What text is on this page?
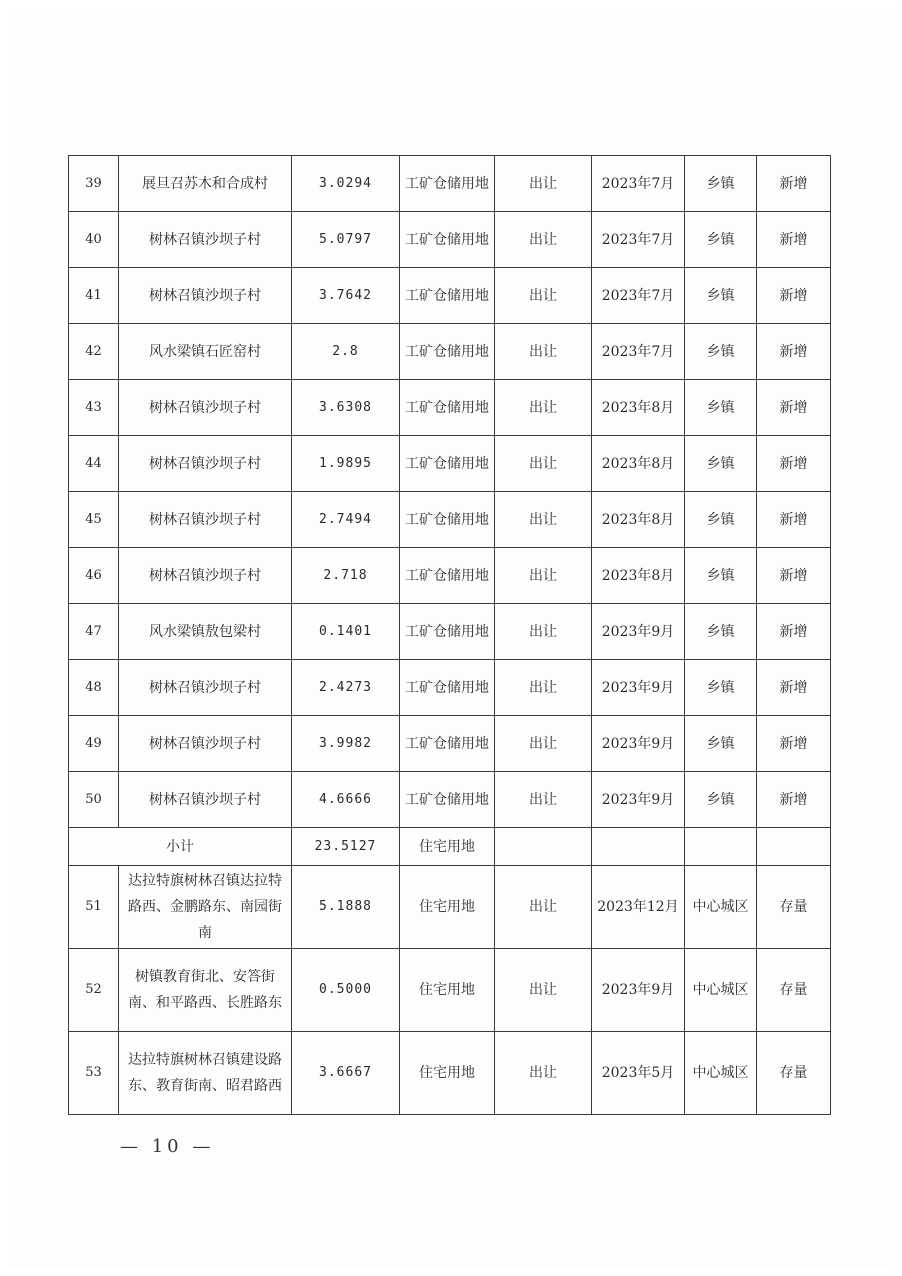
39	展旦召苏木和合成村	3.0294	工矿仓储用地	出让	2023年7月	乡镇	新增
40	树林召镇沙坝子村	5.0797	工矿仓储用地	出让	2023年7月	乡镇	新增
41	树林召镇沙坝子村	3.7642	工矿仓储用地	出让	2023年7月	乡镇	新增
42	风水梁镇石匠窑村	2.8	工矿仓储用地	出让	2023年7月	乡镇	新增
43	树林召镇沙坝子村	3.6308	工矿仓储用地	出让	2023年8月	乡镇	新增
44	树林召镇沙坝子村	1.9895	工矿仓储用地	出让	2023年8月	乡镇	新增
45	树林召镇沙坝子村	2.7494	工矿仓储用地	出让	2023年8月	乡镇	新增
46	树林召镇沙坝子村	2.718	工矿仓储用地	出让	2023年8月	乡镇	新增
47	风水梁镇敖包梁村	0.1401	工矿仓储用地	出让	2023年9月	乡镇	新增
48	树林召镇沙坝子村	2.4273	工矿仓储用地	出让	2023年9月	乡镇	新增
49	树林召镇沙坝子村	3.9982	工矿仓储用地	出让	2023年9月	乡镇	新增
50	树林召镇沙坝子村	4.6666	工矿仓储用地	出让	2023年9月	乡镇	新增
小计		23.5127	住宅用地				
51	达拉特旗树林召镇达拉特路西、金鹏路东、南园街南	5.1888	住宅用地	出让	2023年12月	中心城区	存量
52	树镇教育街北、安答街南、和平路西、长胜路东	0.5000	住宅用地	出让	2023年9月	中心城区	存量
53	达拉特旗树林召镇建设路东、教育街南、昭君路西	3.6667	住宅用地	出让	2023年5月	中心城区	存量
— 10 —
